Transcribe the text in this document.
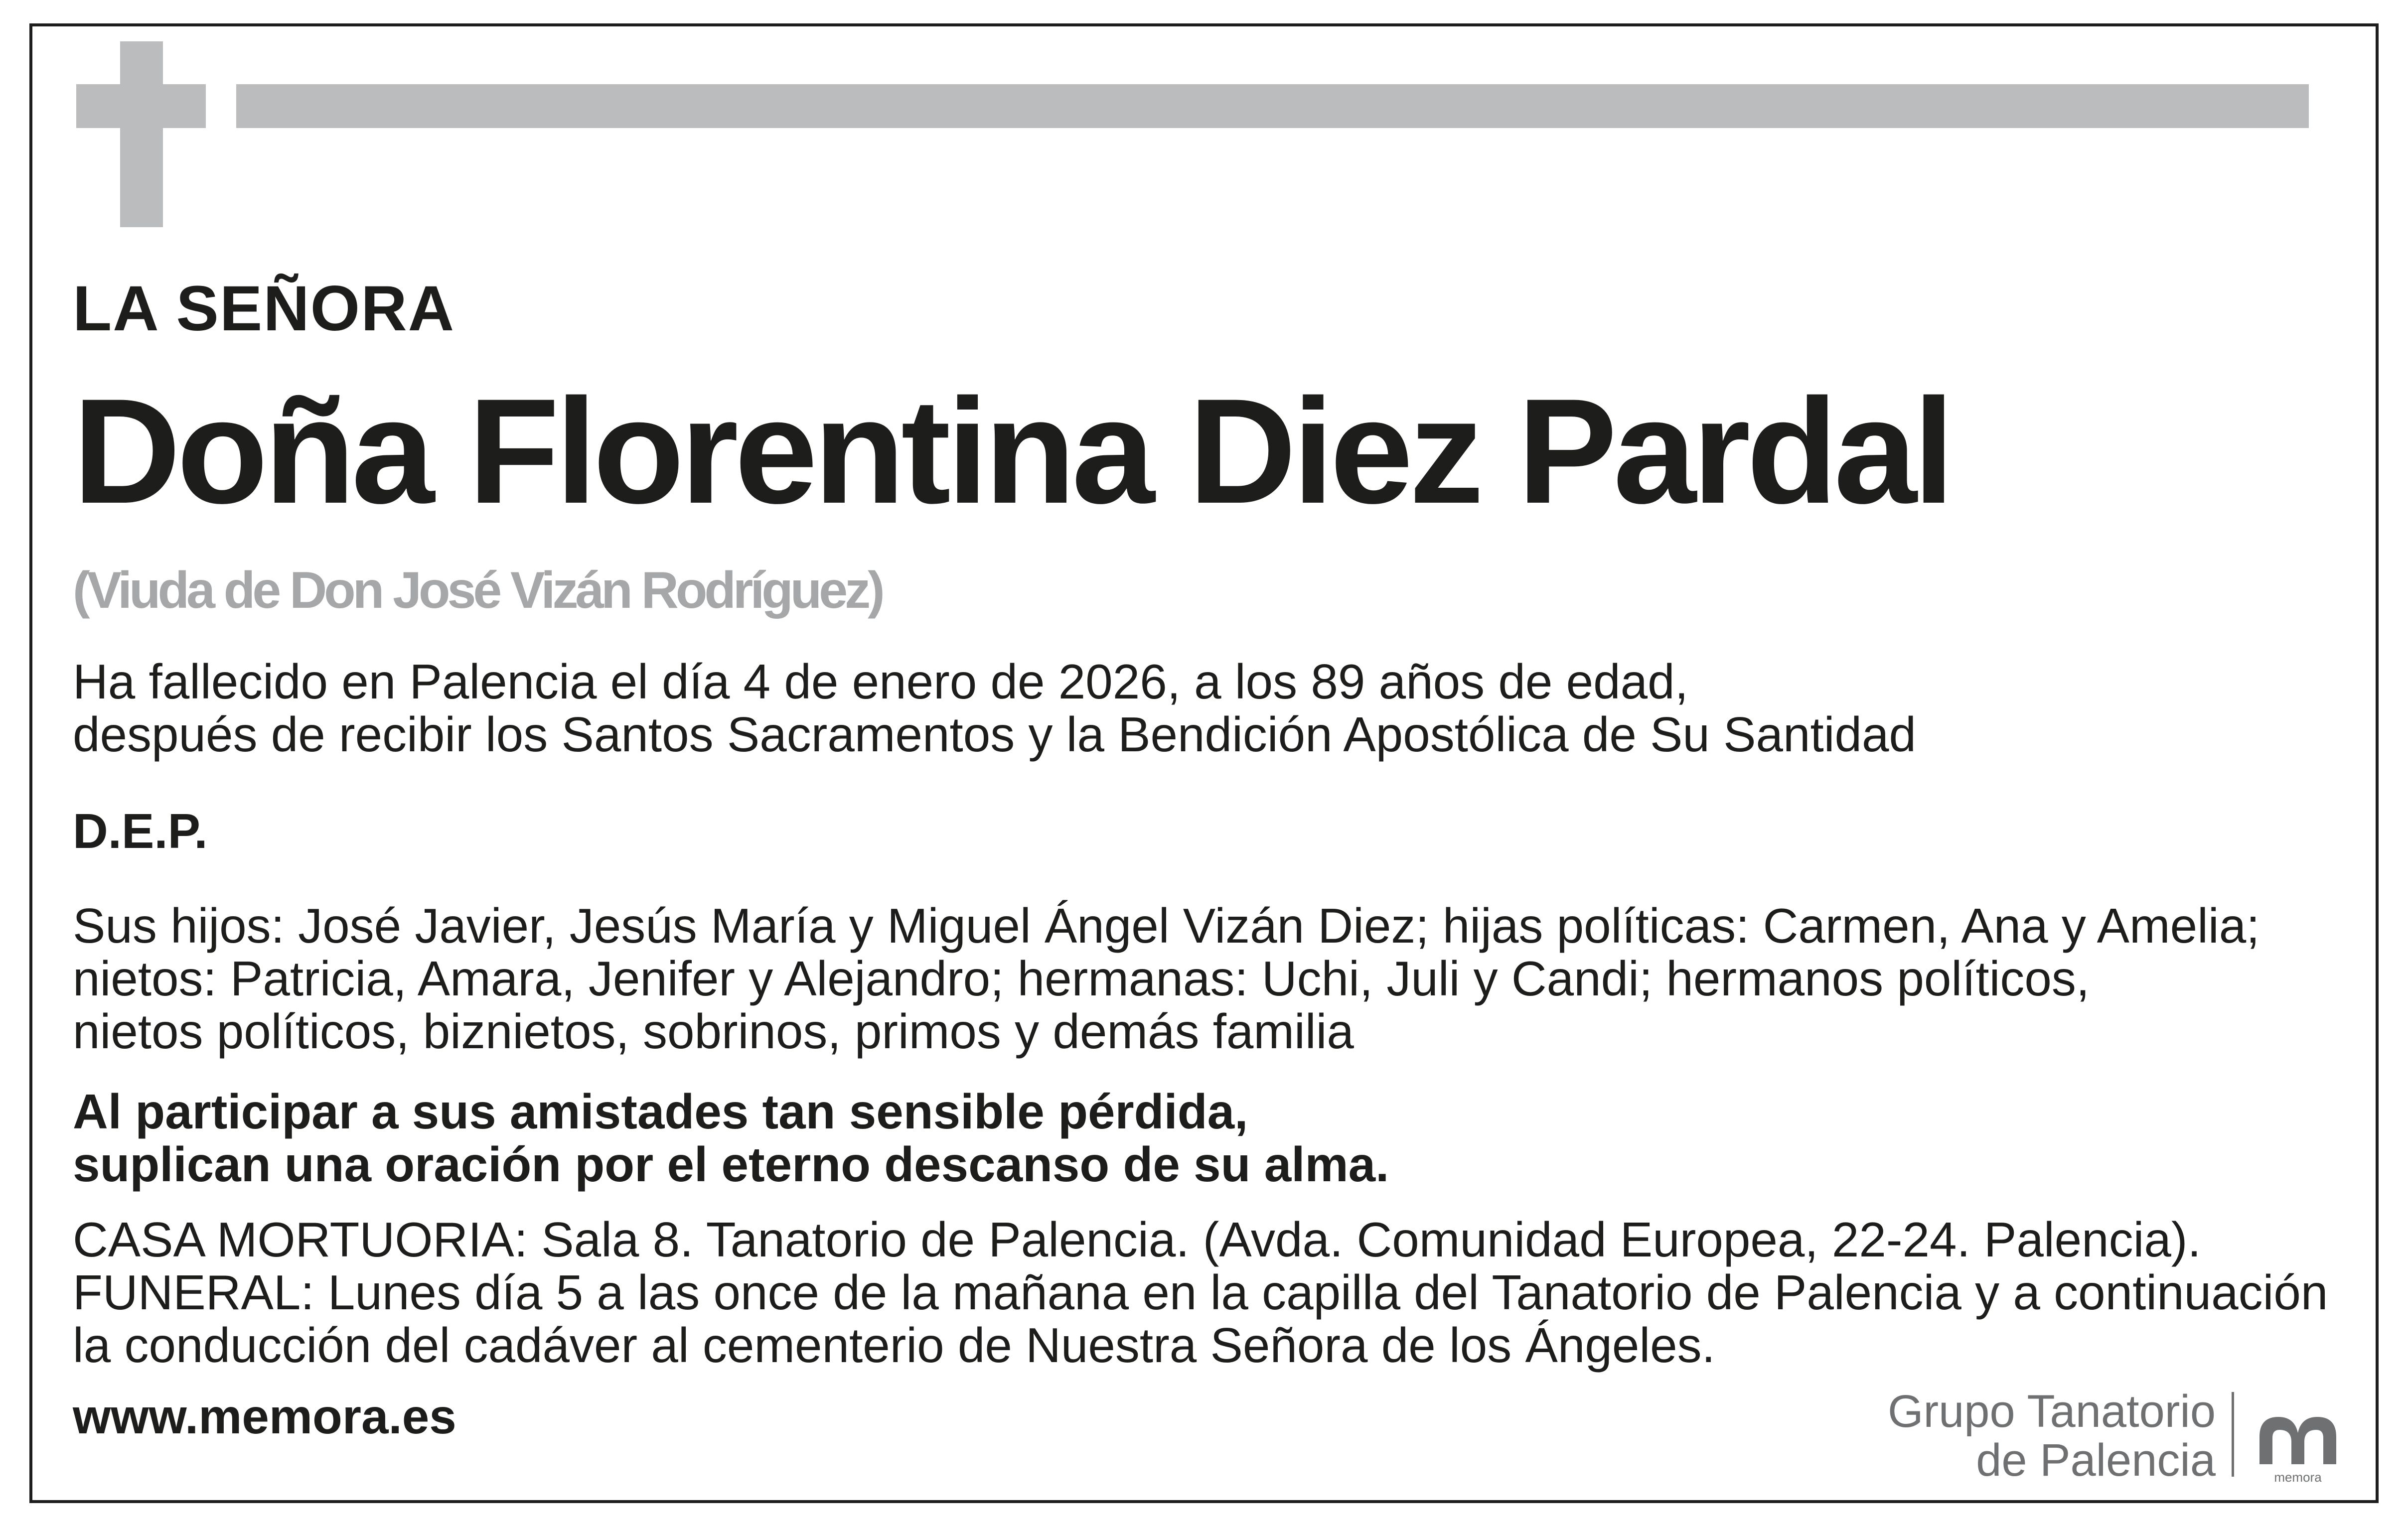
LA SEÑORA

Doña Florentina Diez Pardal

(Viuda de Don José Vizán Rodríguez)

Ha fallecido en Palencia el día 4 de enero de 2026, a los 89 años de edad,
después de recibir los Santos Sacramentos y la Bendición Apostólica de Su Santidad
D.E.P.
Sus hijos: José Javier, Jesús María y Miguel Ángel Vizán Diez; hijas políticas: Carmen, Ana y Amelia;
nietos: Patricia, Amara, Jenifer y Alejandro; hermanas: Uchi, Juli y Candi; hermanos políticos,
nietos políticos, biznietos, sobrinos, primos y demás familia
Al participar a sus amistades tan sensible pérdida,
suplican una oración por el eterno descanso de su alma.
CASA MORTUORIA: Sala 8. Tanatorio de Palencia. (Avda. Comunidad Europea, 22-24. Palencia).
FUNERAL: Lunes día 5 a las once de la mañana en la capilla del Tanatorio de Palencia y a continuación
la conducción del cadáver al cementerio de Nuestra Señora de los Ángeles.
www.memora.es	Grupo Tanatorio
de Palencia	memora
